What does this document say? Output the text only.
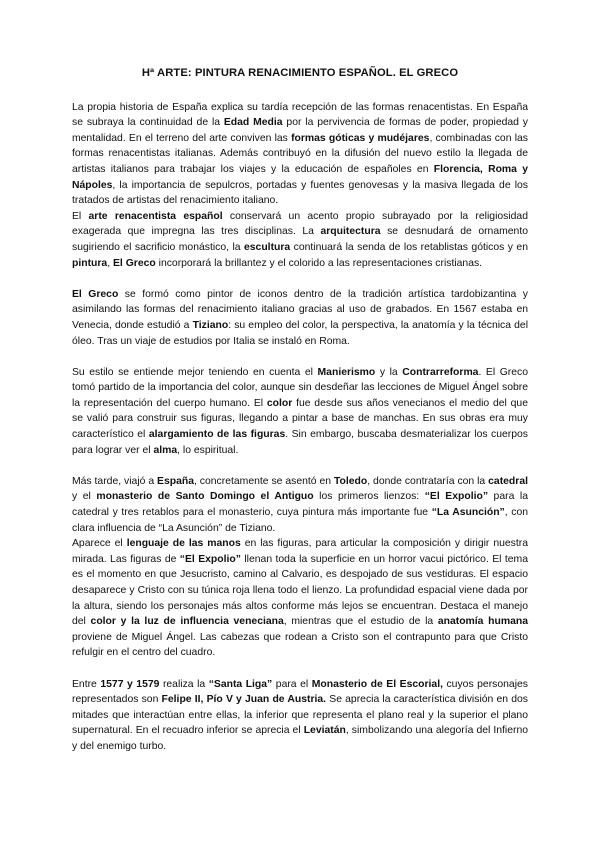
Hª ARTE: PINTURA RENACIMIENTO ESPAÑOL. EL GRECO

La propia historia de España explica su tardía recepción de las formas renacentistas. En España se subraya la continuidad de la Edad Media por la pervivencia de formas de poder, propiedad y mentalidad. En el terreno del arte conviven las formas góticas y mudéjares, combinadas con las formas renacentistas italianas. Además contribuyó en la difusión del nuevo estilo la llegada de artistas italianos para trabajar los viajes y la educación de españoles en Florencia, Roma y Nápoles, la importancia de sepulcros, portadas y fuentes genovesas y la masiva llegada de los tratados de artistas del renacimiento italiano.

El arte renacentista español conservará un acento propio subrayado por la religiosidad exagerada que impregna las tres disciplinas. La arquitectura se desnudará de ornamento sugiriendo el sacrificio monástico, la escultura continuará la senda de los retablistas góticos y en pintura, El Greco incorporará la brillantez y el colorido a las representaciones cristianas.

El Greco se formó como pintor de iconos dentro de la tradición artística tardobizantina y asimilando las formas del renacimiento italiano gracias al uso de grabados. En 1567 estaba en Venecia, donde estudió a Tiziano: su empleo del color, la perspectiva, la anatomía y la técnica del óleo. Tras un viaje de estudios por Italia se instaló en Roma.

Su estilo se entiende mejor teniendo en cuenta el Manierismo y la Contrarreforma. El Greco tomó partido de la importancia del color, aunque sin desdeñar las lecciones de Miguel Ángel sobre la representación del cuerpo humano. El color fue desde sus años venecianos el medio del que se valió para construir sus figuras, llegando a pintar a base de manchas. En sus obras era muy característico el alargamiento de las figuras. Sin embargo, buscaba desmaterializar los cuerpos para lograr ver el alma, lo espiritual.

Más tarde, viajó a España, concretamente se asentó en Toledo, donde contrataría con la catedral y el monasterio de Santo Domingo el Antiguo los primeros lienzos: “El Expolio” para la catedral y tres retablos para el monasterio, cuya pintura más importante fue “La Asunción”, con clara influencia de “La Asunción” de Tiziano.

Aparece el lenguaje de las manos en las figuras, para articular la composición y dirigir nuestra mirada. Las figuras de “El Expolio” llenan toda la superficie en un horror vacui pictórico. El tema es el momento en que Jesucristo, camino al Calvario, es despojado de sus vestiduras. El espacio desaparece y Cristo con su túnica roja llena todo el lienzo. La profundidad espacial viene dada por la altura, siendo los personajes más altos conforme más lejos se encuentran. Destaca el manejo del color y la luz de influencia veneciana, mientras que el estudio de la anatomía humana proviene de Miguel Ángel. Las cabezas que rodean a Cristo son el contrapunto para que Cristo refulgir en el centro del cuadro.

Entre 1577 y 1579 realiza la “Santa Liga” para el Monasterio de El Escorial, cuyos personajes representados son Felipe II, Pío V y Juan de Austria. Se aprecia la característica división en dos mitades que interactúan entre ellas, la inferior que representa el plano real y la superior el plano supernatural. En el recuadro inferior se aprecia el Leviatán, simbolizando una alegoría del Infierno y del enemigo turbo.
